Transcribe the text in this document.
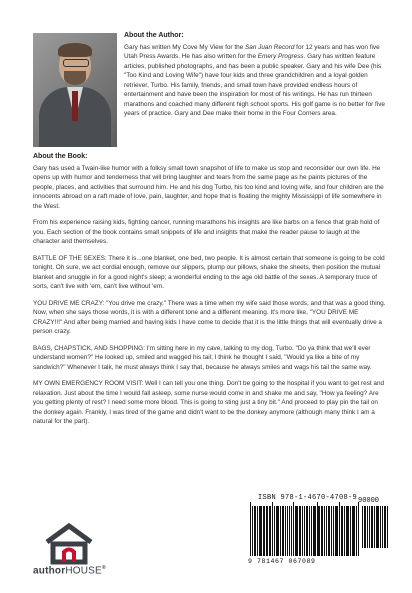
About the Author:
Gary has written My Cove My View for the San Juan Record for 12 years and has won five Utah Press Awards. He has also written for the Emery Progress. Gary has written feature articles, published photographs, and has been a public speaker. Gary and his wife Dee (his "Too Kind and Loving Wife") have four kids and three grandchildren and a loyal golden retriever, Turbo. His family, friends, and small town have provided endless hours of entertainment and have been the inspiration for most of his writings. He has run thirteen marathons and coached many different high school sports. His golf game is no better for five years of practice. Gary and Dee make their home in the Four Corners area.
About the Book:

Gary has used a Twain-like humor with a folksy small town snapshot of life to make us stop and reconsider our own life. He opens up with humor and tenderness that will bring laughter and tears from the same page as he paints pictures of the people, places, and activities that surround him. He and his dog Turbo, his too kind and loving wife, and four children are the innocents abroad on a raft made of love, pain, laughter, and hope that is floating the mighty Mississippi of life somewhere in the West.

From his experience raising kids, fighting cancer, running marathons his insights are like barbs on a fence that grab hold of you. Each section of the book contains small snippets of life and insights that make the reader pause to laugh at the character and themselves.

BATTLE OF THE SEXES: There it is...one blanket, one bed, two people. It is almost certain that someone is going to be cold tonight. Oh sure, we act cordial enough, remove our slippers, plump our pillows, shake the sheets, then position the mutual blanket and snuggle in for a good night's sleep; a wonderful ending to the age old battle of the sexes. A temporary truce of sorts, can't live with 'em, can't live without 'em.

YOU DRIVE ME CRAZY: "You drive me crazy." There was a time when my wife said those words, and that was a good thing. Now, when she says those words, it is with a different tone and a different meaning. It's more like, "YOU DRIVE ME CRAZY!!!" And after being married and having kids I have come to decide that it is the little things that will eventually drive a person crazy.

BAGS, CHAPSTICK, AND SHOPPING: I'm sitting here in my cave, talking to my dog, Turbo. "Do ya think that we'll ever understand women?" He looked up, smiled and wagged his tail; I think he thought I said, "Would ya like a bite of my sandwich?" Whenever I talk, he must always think I say that, because he always smiles and wags his tail the same way.

MY OWN EMERGENCY ROOM VISIT: Well I can tell you one thing. Don't be going to the hospital if you want to get rest and relaxation. Just about the time I would fall asleep, some nurse would come in and shake me and say, "How ya feeling? Are you getting plenty of rest? I need some more blood. This is going to sting just a tiny bit." And proceed to play pin the tail on the donkey again. Frankly, I was tired of the game and didn't want to be the donkey anymore (although many think I am a natural for the part).

authorHOUSE®
ISBN 978-1-4670-4708-9 90000
9 781467 067089
